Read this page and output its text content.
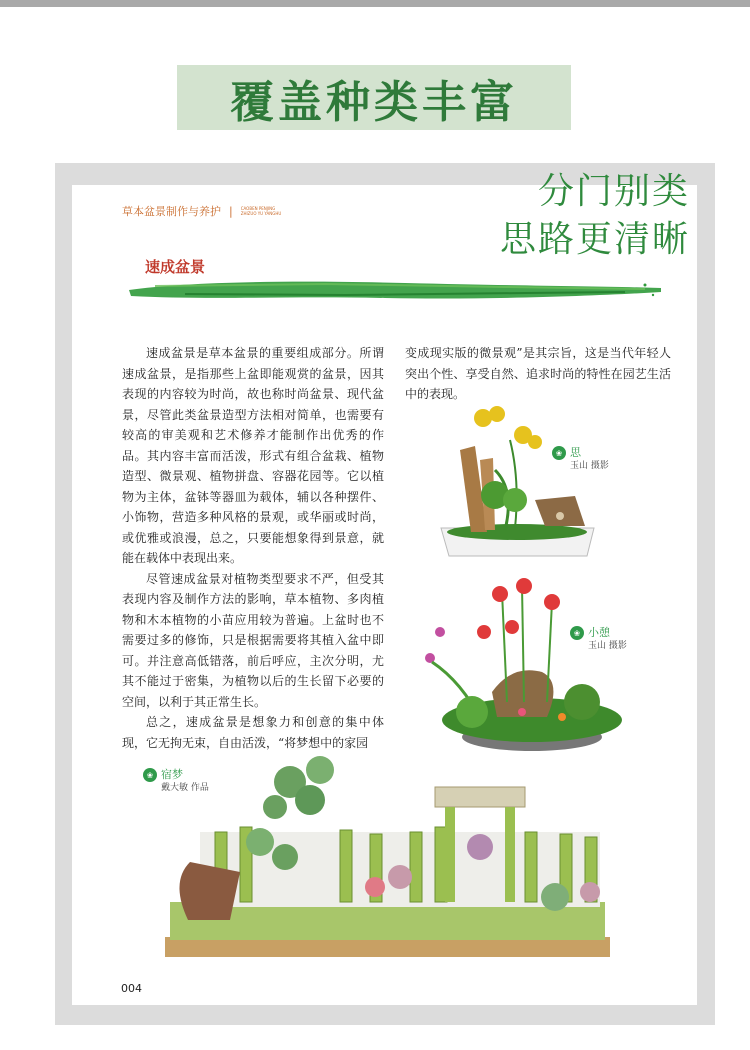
覆盖种类丰富
草本盆景制作与养护 | CAOBEN PENJING
ZHIZUO YU YANGHU
分门别类
思路更清晰
速成盆景

速成盆景是草本盆景的重要组成部分。所谓速成盆景，是指那些上盆即能观赏的盆景，因其表现的内容较为时尚，故也称时尚盆景、现代盆景，尽管此类盆景造型方法相对简单，也需要有较高的审美观和艺术修养才能制作出优秀的作品。其内容丰富而活泼，形式有组合盆栽、植物造型、微景观、植物拼盘、容器花园等。它以植物为主体，盆钵等器皿为载体，辅以各种摆件、小饰物，营造多种风格的景观，或华丽或时尚，或优雅或浪漫，总之，只要能想象得到景意，就能在载体中表现出来。

尽管速成盆景对植物类型要求不严，但受其表现内容及制作方法的影响，草本植物、多肉植物和木本植物的小苗应用较为普遍。上盆时也不需要过多的修饰，只是根据需要将其植入盆中即可。并注意高低错落，前后呼应，主次分明，尤其不能过于密集，为植物以后的生长留下必要的空间，以利于其正常生长。

总之，速成盆景是想象力和创意的集中体现，它无拘无束，自由活泼，“将梦想中的家园

变成现实版的微景观”是其宗旨，这是当代年轻人突出个性、享受自然、追求时尚的特性在园艺生活中的表现。

❀ 思
玉山 摄影
❀ 小憩
玉山 摄影
❀ 宿梦
戴大敏 作品
004
